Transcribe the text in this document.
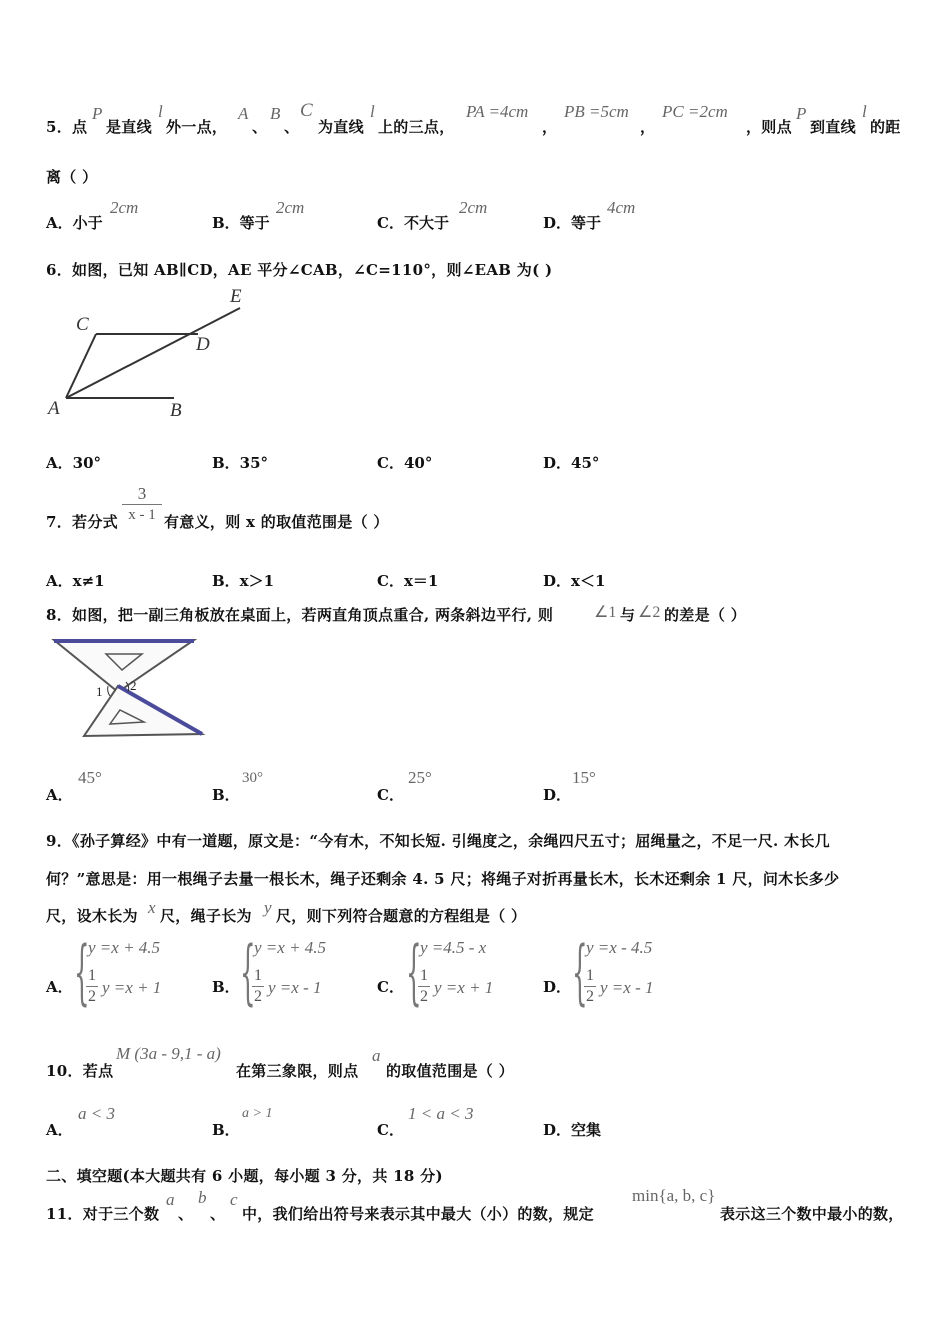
5． 点
P
是直线
l
外一点，
A
、
B
、
C
为直线
l
上的三点，
PA =4cm
，
PB =5cm
，
PC =2cm
，则点
P
到直线
l
的距
离（ ）
A．小于
2cm
B．等于
2cm
C．不大于
2cm
D．等于
4cm
6．如图，已知 AB∥CD，AE 平分∠CAB，∠C=110°，则∠EAB 为( )
E
C
D
A	B
A．30°	B．35°	C．40°	D．45°
7．若分式 $\frac{3}{x - 1}$ 有意义，则 x 的取值范围是（ ）
A．x≠1	B．x＞1	C．x＝1	D．x＜1
8．如图，把一副三角板放在桌面上，若两直角顶点重合, 两条斜边平行, 则	∠1 与 ∠2 的差是（ ）
1 2
A．
45°
B．
30°
C．
25°
D．
15°
9．《孙子算经》中有一道题，原文是：“今有木，不知长短. 引绳度之，余绳四尺五寸；屈绳量之，不足一尺. 木长几
何？”意思是：用一根绳子去量一根长木，绳子还剩余 4. 5 尺；将绳子对折再量长木，长木还剩余 1 尺，问木长多少
尺，设木长为 x 尺，绳子长为 y 尺，则下列符合题意的方程组是（ ）
A． {
y =x + 4.5
$\frac{1}{2}$ y =x + 1	B． {
y =x + 4.5
$\frac{1}{2}$ y =x - 1	C． {
y =4.5 - x
$\frac{1}{2}$ y =x + 1	D． {
y =x - 4.5
$\frac{1}{2}$ y =x - 1
10．若点
M (3a - 9,1 - a)
在第三象限，则点
a
的取值范围是（ ）
A．
a < 3
B．
a > 1
C．
1 < a < 3
D．空集
二、填空题(本大题共有 6 小题，每小题 3 分，共 18 分)
11．对于三个数
a
、
b
、
c
中，我们给出符号来表示其中最大（小）的数，规定
min{a, b, c}
表示这三个数中最小的数，
